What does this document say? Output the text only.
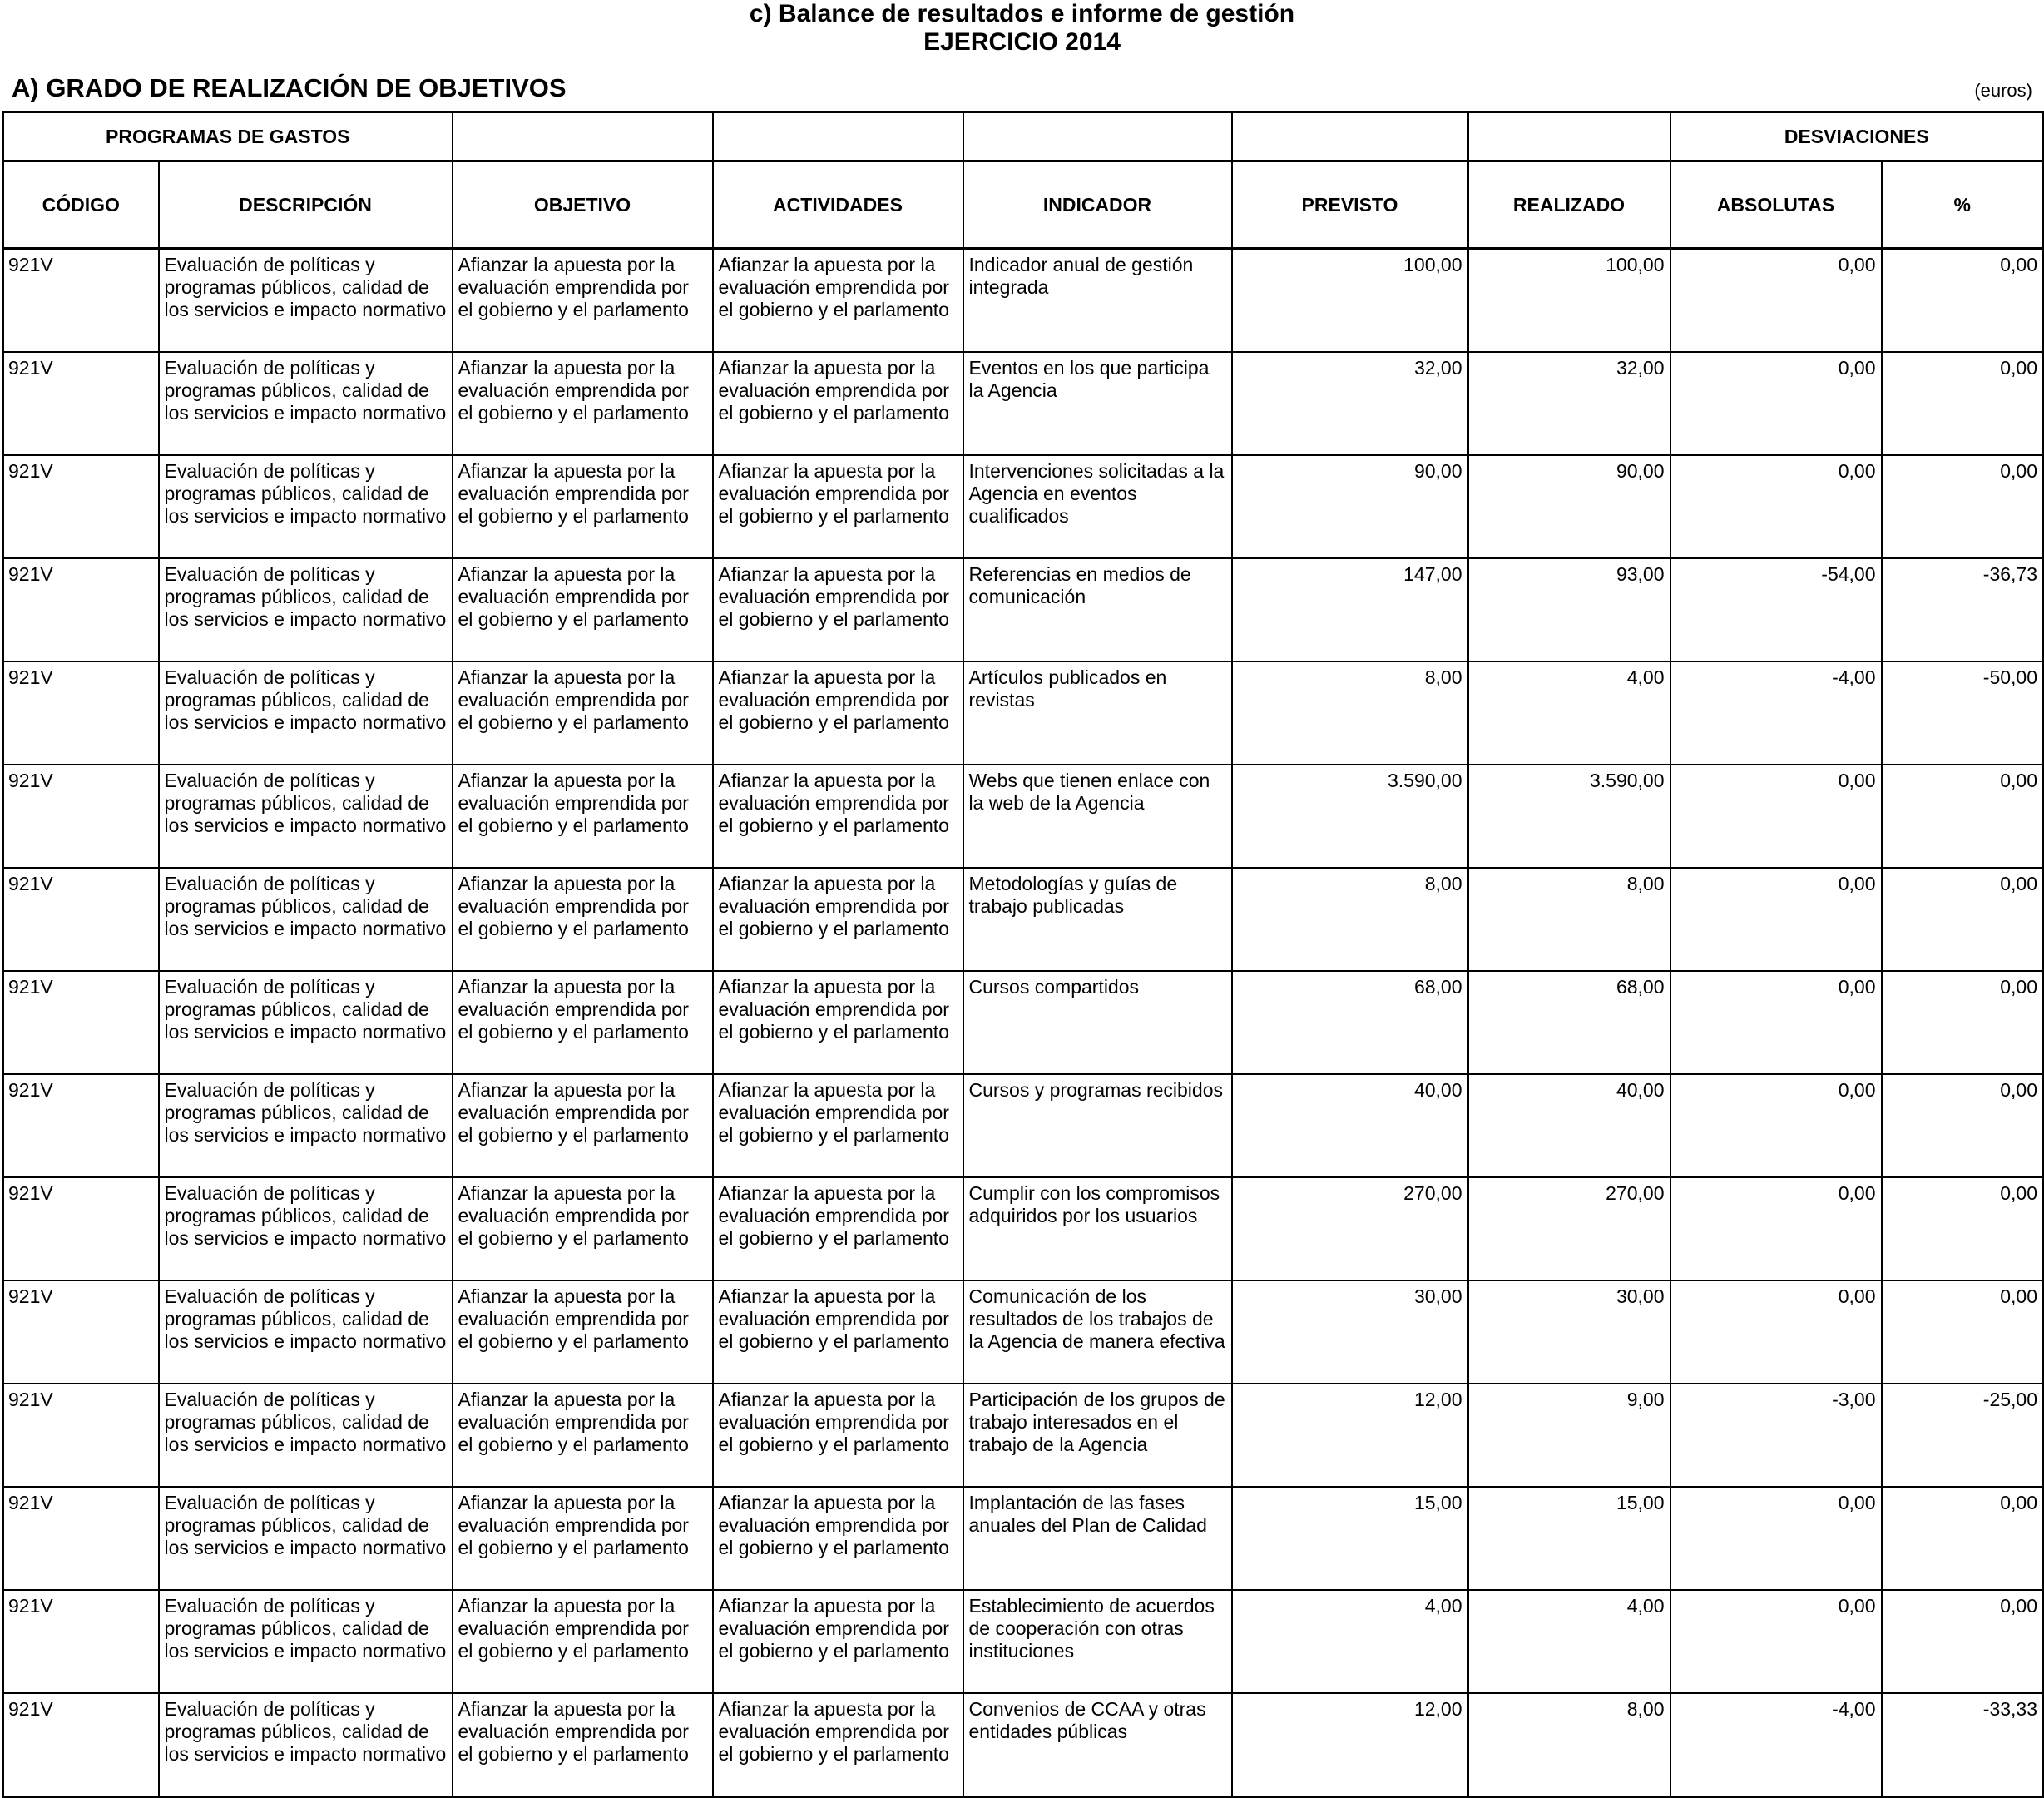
c) Balance de resultados e informe de gestión
EJERCICIO 2014
A) GRADO DE REALIZACIÓN DE OBJETIVOS	(euros)
PROGRAMAS DE GASTOS							DESVIACIONES	
CÓDIGO	DESCRIPCIÓN	OBJETIVO	ACTIVIDADES	INDICADOR	PREVISTO	REALIZADO	ABSOLUTAS	%
921V	Evaluación de políticas y programas públicos, calidad de los servicios e impacto normativo	Afianzar la apuesta por la evaluación emprendida por el gobierno y el parlamento	Afianzar la apuesta por la evaluación emprendida por el gobierno y el parlamento	Indicador anual de gestión integrada	100,00	100,00	0,00	0,00
921V	Evaluación de políticas y programas públicos, calidad de los servicios e impacto normativo	Afianzar la apuesta por la evaluación emprendida por el gobierno y el parlamento	Afianzar la apuesta por la evaluación emprendida por el gobierno y el parlamento	Eventos en los que participa la Agencia	32,00	32,00	0,00	0,00
921V	Evaluación de políticas y programas públicos, calidad de los servicios e impacto normativo	Afianzar la apuesta por la evaluación emprendida por el gobierno y el parlamento	Afianzar la apuesta por la evaluación emprendida por el gobierno y el parlamento	Intervenciones solicitadas a la Agencia en eventos cualificados	90,00	90,00	0,00	0,00
921V	Evaluación de políticas y programas públicos, calidad de los servicios e impacto normativo	Afianzar la apuesta por la evaluación emprendida por el gobierno y el parlamento	Afianzar la apuesta por la evaluación emprendida por el gobierno y el parlamento	Referencias en medios de comunicación	147,00	93,00	-54,00	-36,73
921V	Evaluación de políticas y programas públicos, calidad de los servicios e impacto normativo	Afianzar la apuesta por la evaluación emprendida por el gobierno y el parlamento	Afianzar la apuesta por la evaluación emprendida por el gobierno y el parlamento	Artículos publicados en revistas	8,00	4,00	-4,00	-50,00
921V	Evaluación de políticas y programas públicos, calidad de los servicios e impacto normativo	Afianzar la apuesta por la evaluación emprendida por el gobierno y el parlamento	Afianzar la apuesta por la evaluación emprendida por el gobierno y el parlamento	Webs que tienen enlace con la web de la Agencia	3.590,00	3.590,00	0,00	0,00
921V	Evaluación de políticas y programas públicos, calidad de los servicios e impacto normativo	Afianzar la apuesta por la evaluación emprendida por el gobierno y el parlamento	Afianzar la apuesta por la evaluación emprendida por el gobierno y el parlamento	Metodologías y guías de trabajo publicadas	8,00	8,00	0,00	0,00
921V	Evaluación de políticas y programas públicos, calidad de los servicios e impacto normativo	Afianzar la apuesta por la evaluación emprendida por el gobierno y el parlamento	Afianzar la apuesta por la evaluación emprendida por el gobierno y el parlamento	Cursos compartidos	68,00	68,00	0,00	0,00
921V	Evaluación de políticas y programas públicos, calidad de los servicios e impacto normativo	Afianzar la apuesta por la evaluación emprendida por el gobierno y el parlamento	Afianzar la apuesta por la evaluación emprendida por el gobierno y el parlamento	Cursos y programas recibidos	40,00	40,00	0,00	0,00
921V	Evaluación de políticas y programas públicos, calidad de los servicios e impacto normativo	Afianzar la apuesta por la evaluación emprendida por el gobierno y el parlamento	Afianzar la apuesta por la evaluación emprendida por el gobierno y el parlamento	Cumplir con los compromisos adquiridos por los usuarios	270,00	270,00	0,00	0,00
921V	Evaluación de políticas y programas públicos, calidad de los servicios e impacto normativo	Afianzar la apuesta por la evaluación emprendida por el gobierno y el parlamento	Afianzar la apuesta por la evaluación emprendida por el gobierno y el parlamento	Comunicación de los resultados de los trabajos de la Agencia de manera efectiva	30,00	30,00	0,00	0,00
921V	Evaluación de políticas y programas públicos, calidad de los servicios e impacto normativo	Afianzar la apuesta por la evaluación emprendida por el gobierno y el parlamento	Afianzar la apuesta por la evaluación emprendida por el gobierno y el parlamento	Participación de los grupos de trabajo interesados en el trabajo de la Agencia	12,00	9,00	-3,00	-25,00
921V	Evaluación de políticas y programas públicos, calidad de los servicios e impacto normativo	Afianzar la apuesta por la evaluación emprendida por el gobierno y el parlamento	Afianzar la apuesta por la evaluación emprendida por el gobierno y el parlamento	Implantación de las fases anuales del Plan de Calidad	15,00	15,00	0,00	0,00
921V	Evaluación de políticas y programas públicos, calidad de los servicios e impacto normativo	Afianzar la apuesta por la evaluación emprendida por el gobierno y el parlamento	Afianzar la apuesta por la evaluación emprendida por el gobierno y el parlamento	Establecimiento de acuerdos de cooperación con otras instituciones	4,00	4,00	0,00	0,00
921V	Evaluación de políticas y programas públicos, calidad de los servicios e impacto normativo	Afianzar la apuesta por la evaluación emprendida por el gobierno y el parlamento	Afianzar la apuesta por la evaluación emprendida por el gobierno y el parlamento	Convenios de CCAA y otras entidades públicas	12,00	8,00	-4,00	-33,33
